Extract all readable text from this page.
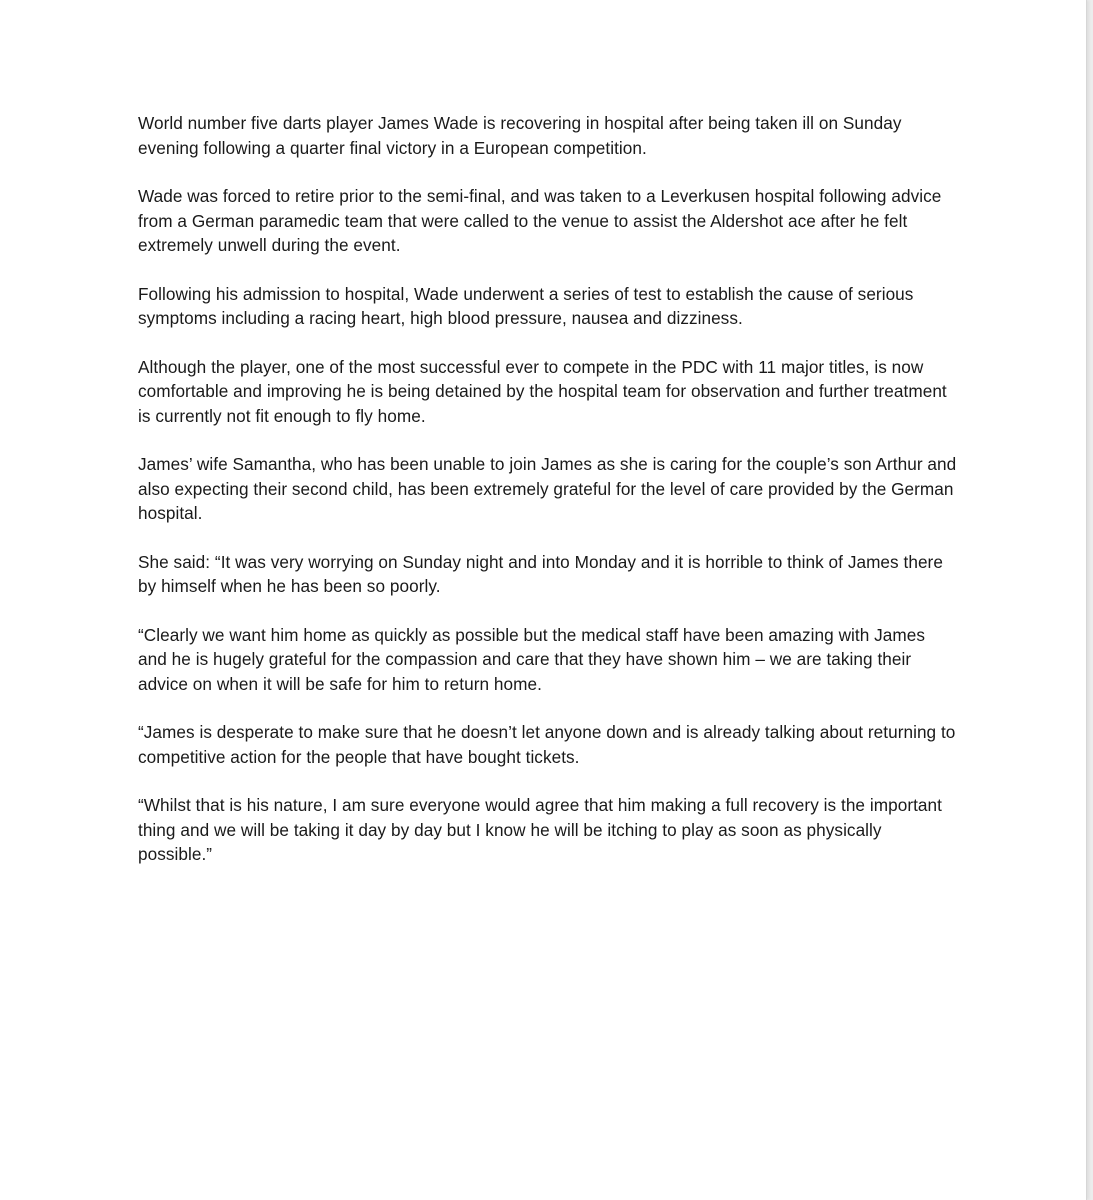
World number five darts player James Wade is recovering in hospital after being taken ill on Sunday evening following a quarter final victory in a European competition.

Wade was forced to retire prior to the semi-final, and was taken to a Leverkusen hospital following advice from a German paramedic team that were called to the venue to assist the Aldershot ace after he felt extremely unwell during the event.

Following his admission to hospital, Wade underwent a series of test to establish the cause of serious symptoms including a racing heart, high blood pressure, nausea and dizziness.

Although the player, one of the most successful ever to compete in the PDC with 11 major titles, is now comfortable and improving he is being detained by the hospital team for observation and further treatment is currently not fit enough to fly home.

James’ wife Samantha, who has been unable to join James as she is caring for the couple’s son Arthur and also expecting their second child, has been extremely grateful for the level of care provided by the German hospital.

She said: “It was very worrying on Sunday night and into Monday and it is horrible to think of James there by himself when he has been so poorly.

“Clearly we want him home as quickly as possible but the medical staff have been amazing with James and he is hugely grateful for the compassion and care that they have shown him – we are taking their advice on when it will be safe for him to return home.

“James is desperate to make sure that he doesn’t let anyone down and is already talking about returning to competitive action for the people that have bought tickets.

“Whilst that is his nature, I am sure everyone would agree that him making a full recovery is the important thing and we will be taking it day by day but I know he will be itching to play as soon as physically possible.”
